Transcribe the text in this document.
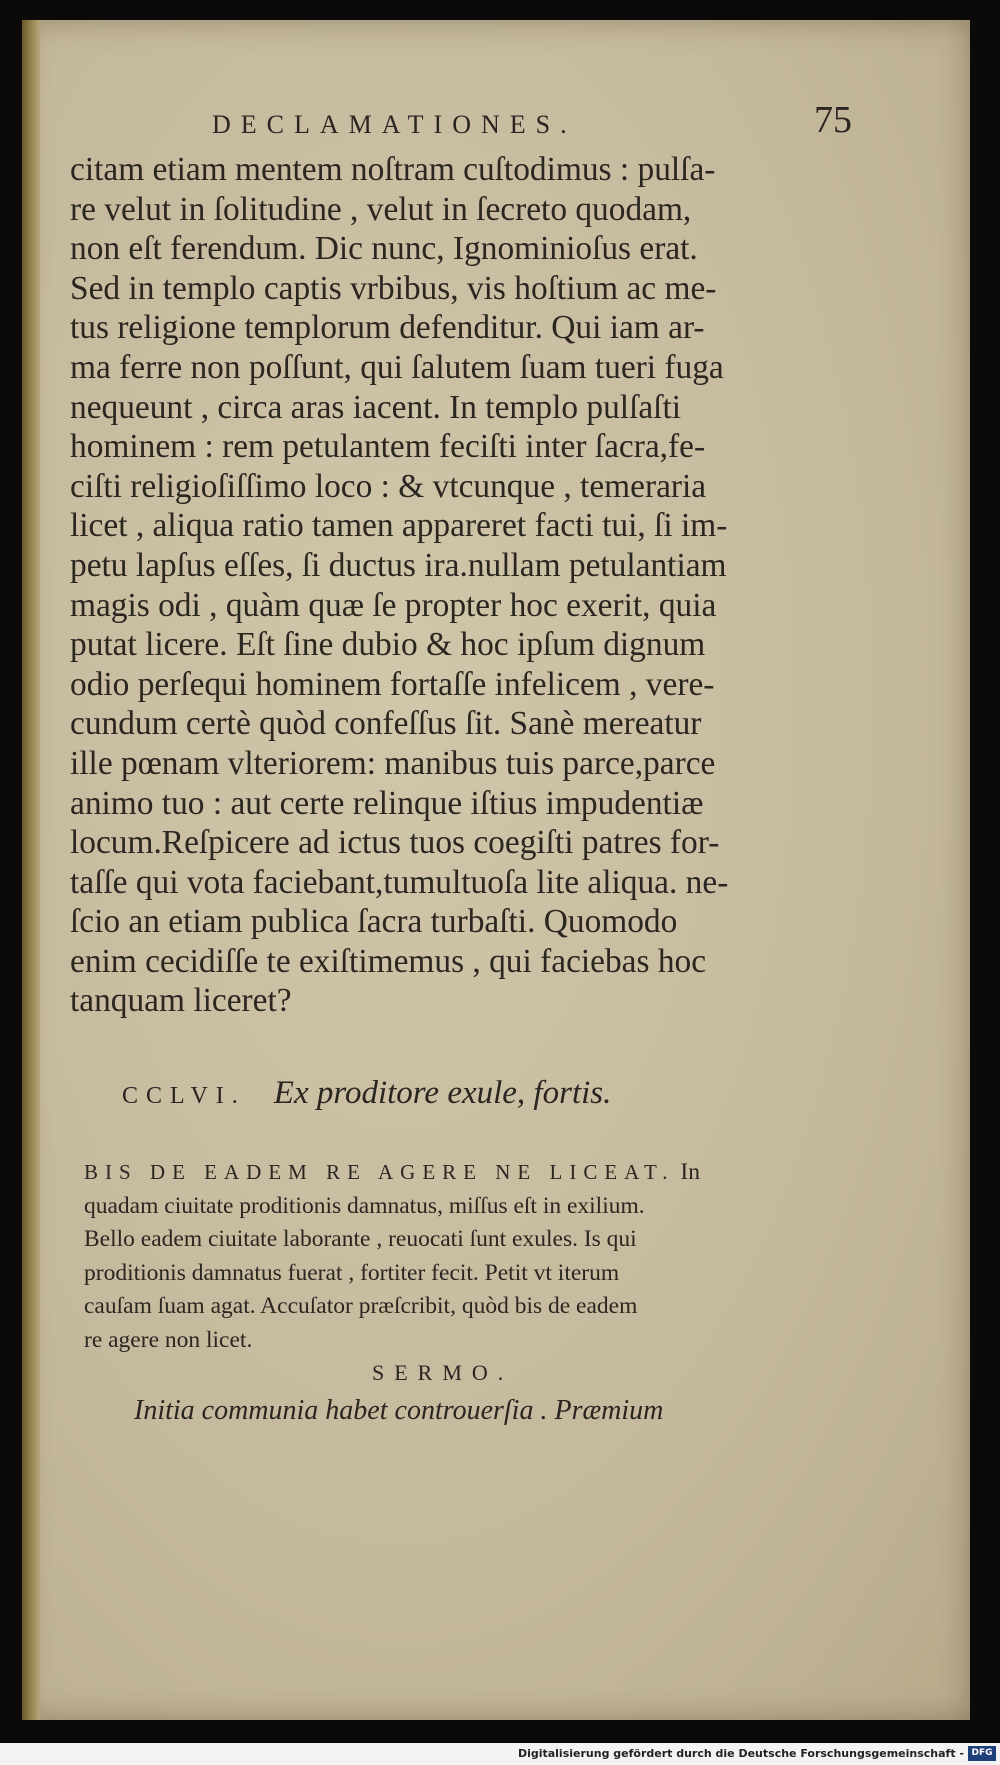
DECLAMATIONES.	75
citam etiam mentem noſtram cuſtodimus : pulſa-
re velut in ſolitudine , velut in ſecreto quodam,
non eſt ferendum. Dic nunc, Ignominioſus erat.
Sed in templo captis vrbibus, vis hoſtium ac me-
tus religione templorum defenditur. Qui iam ar-
ma ferre non poſſunt, qui ſalutem ſuam tueri fuga
nequeunt , circa aras iacent. In templo pulſaſti
hominem : rem petulantem feciſti inter ſacra,fe-
ciſti religioſiſſimo loco : & vtcunque , temeraria
licet , aliqua ratio tamen appareret facti tui, ſi im-
petu lapſus eſſes, ſi ductus ira.nullam petulantiam
magis odi , quàm quæ ſe propter hoc exerit, quia
putat licere. Eſt ſine dubio & hoc ipſum dignum
odio perſequi hominem fortaſſe infelicem , vere-
cundum certè quòd confeſſus ſit. Sanè mereatur
ille pœnam vlteriorem: manibus tuis parce,parce
animo tuo : aut certe relinque iſtius impudentiæ
locum.Reſpicere ad ictus tuos coegiſti patres for-
taſſe qui vota faciebant,tumultuoſa lite aliqua. ne-
ſcio an etiam publica ſacra turbaſti. Quomodo
enim cecidiſſe te exiſtimemus , qui faciebas hoc
tanquam liceret?
CCLVI. Ex proditore exule, fortis.
BIS DE EADEM RE AGERE NE LICEAT. In
quadam ciuitate proditionis damnatus, miſſus eſt in exilium.
Bello eadem ciuitate laborante , reuocati ſunt exules. Is qui
proditionis damnatus fuerat , fortiter fecit. Petit vt iterum
cauſam ſuam agat. Accuſator præſcribit, quòd bis de eadem
re agere non licet.
SERMO.
Initia communia habet controuerſia . Præmium
Digitalisierung gefördert durch die Deutsche Forschungsgemeinschaft - DFG
